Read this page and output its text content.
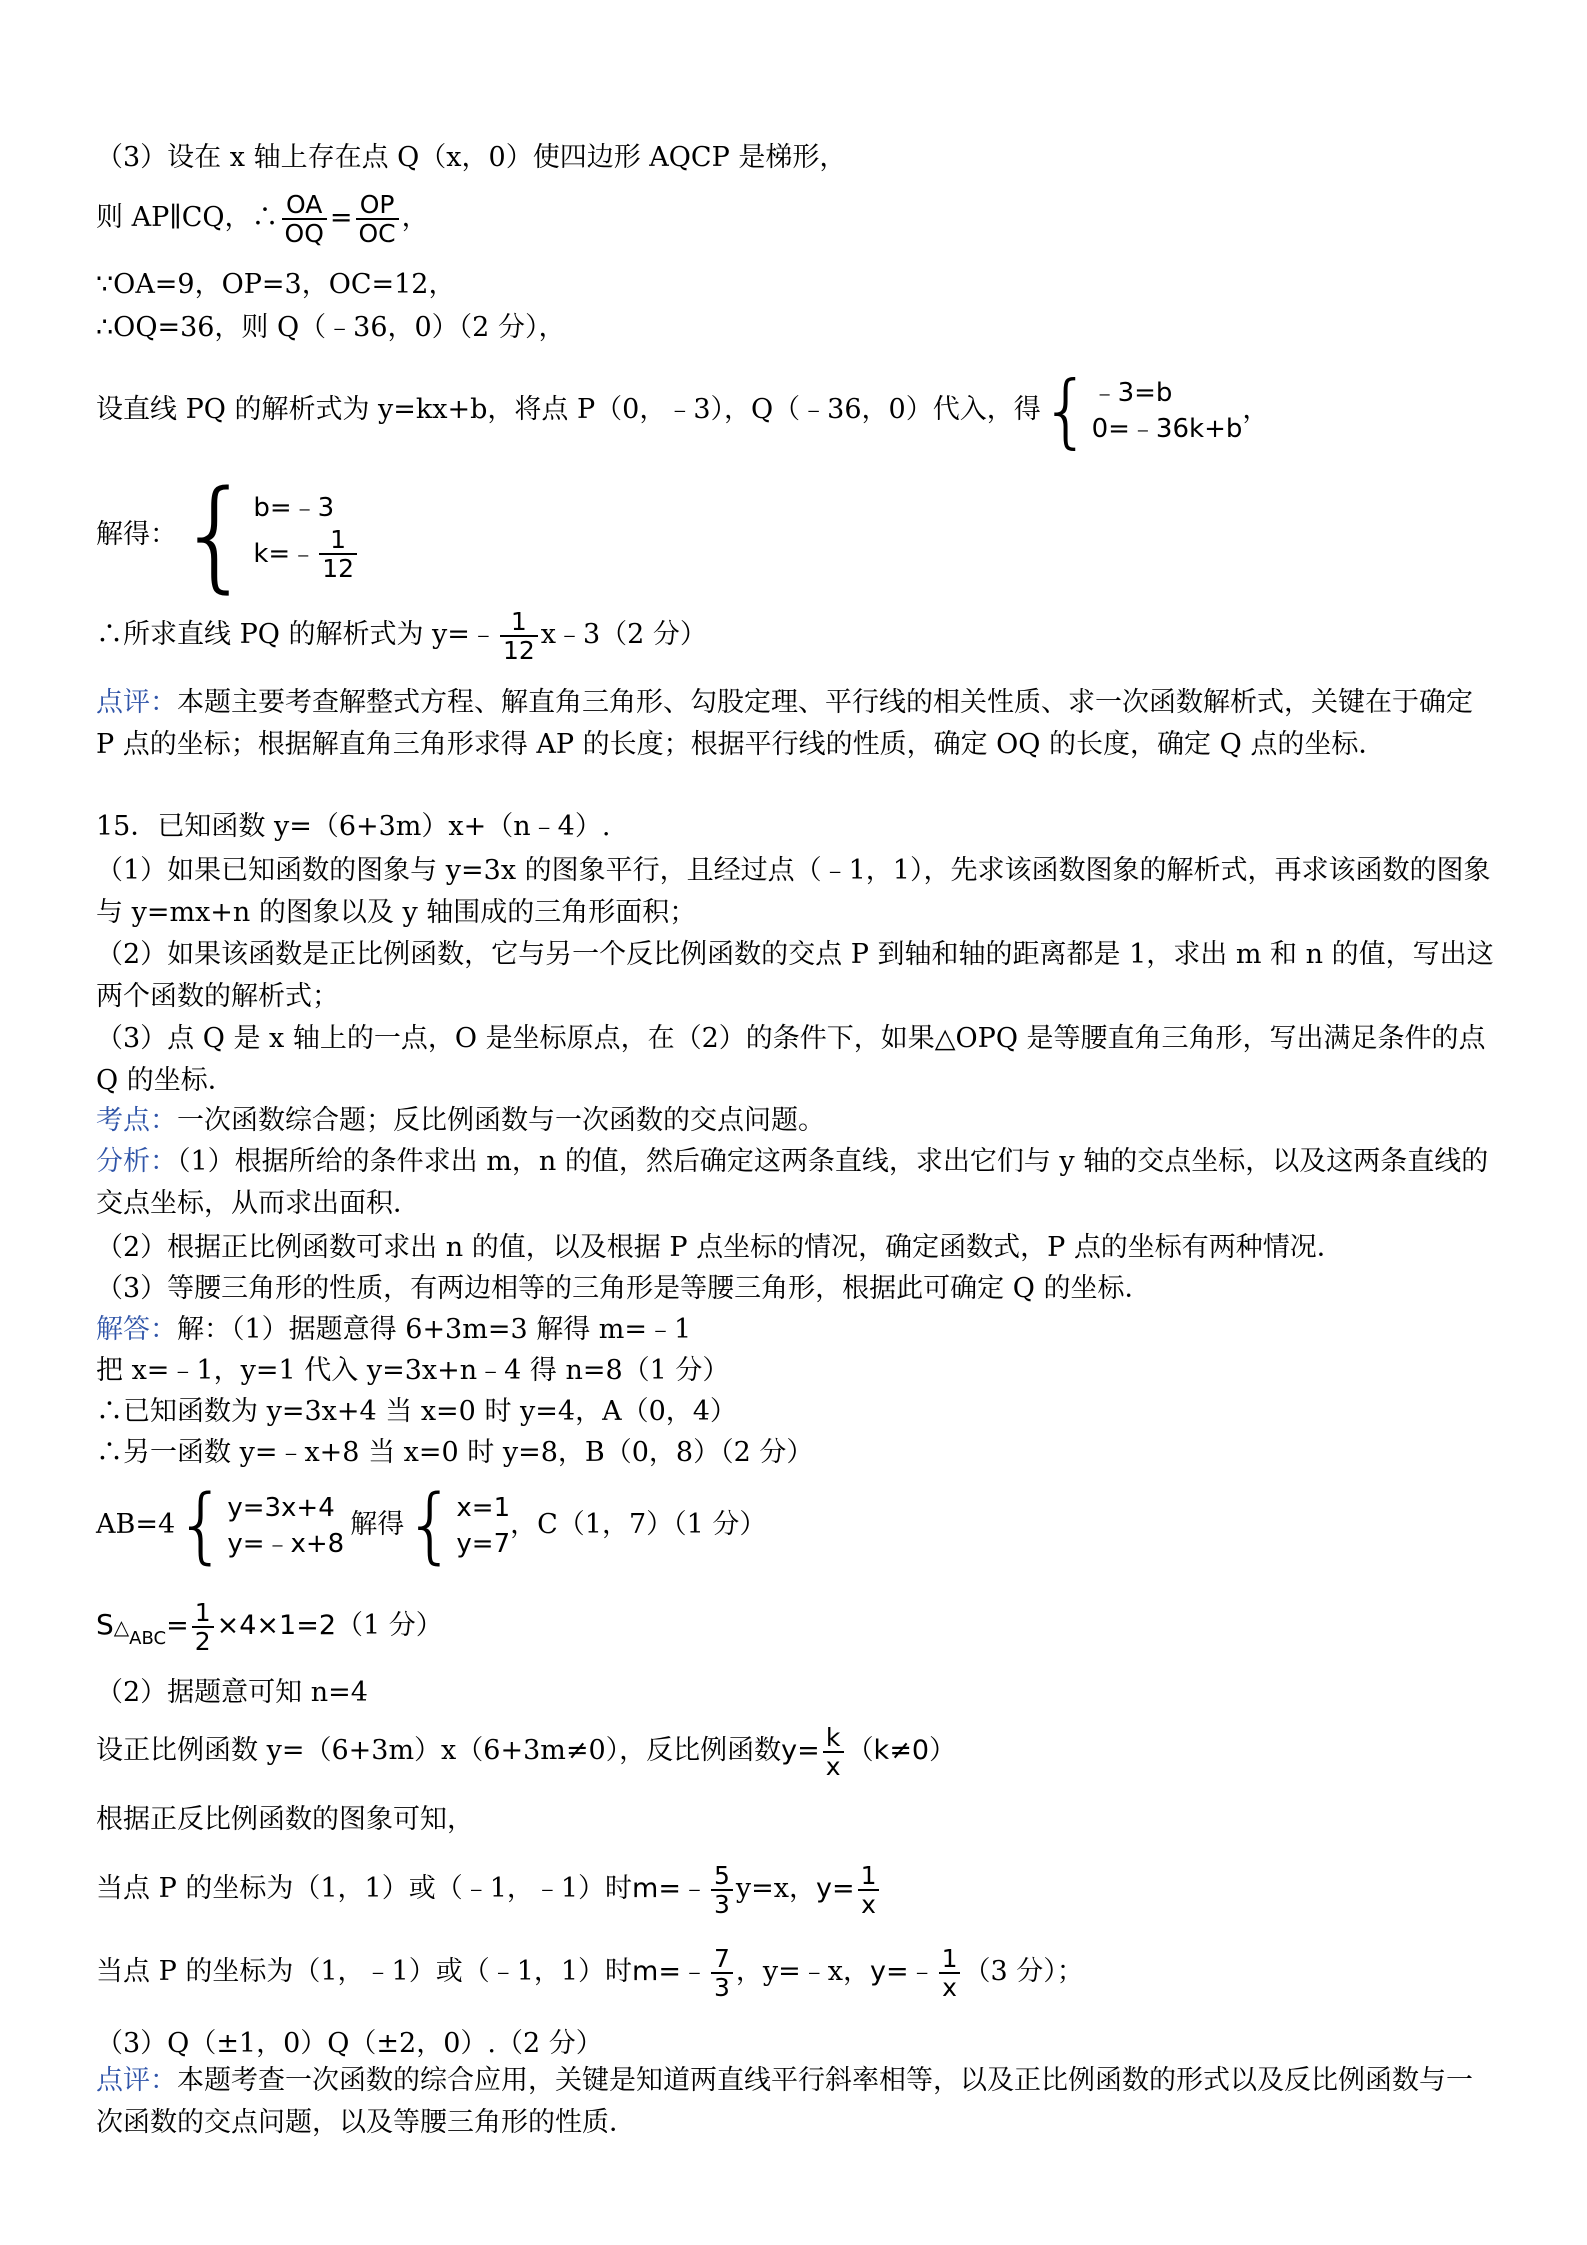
（3）设在 x 轴上存在点 Q（x，0）使四边形 AQCP 是梯形，
则 AP∥CQ，∴ $\frac{OA}{OQ} = \frac{OP}{OC}$ ，
∵OA=9，OP=3，OC=12，
∴OQ=36，则 Q（﹣36，0）（2 分），
设直线 PQ 的解析式为 y=kx+b，将点 P（0，﹣3），Q（﹣36，0）代入，得 { ﹣3=b
0=﹣36k+b
，
解得： { b=﹣3
k=﹣ $\frac{1}{12}$
∴所求直线 PQ 的解析式为 y=﹣ $\frac{1}{12}$ x﹣3（2 分）
点评：本题主要考查解整式方程、解直角三角形、勾股定理、平行线的相关性质、求一次函数解析式，关键在于确定 P 点的坐标；根据解直角三角形求得 AP 的长度；根据平行线的性质，确定 OQ 的长度，确定 Q 点的坐标．
15．已知函数 y=（6+3m）x+（n﹣4）.
（1）如果已知函数的图象与 y=3x 的图象平行，且经过点（﹣1，1），先求该函数图象的解析式，再求该函数的图象与 y=mx+n 的图象以及 y 轴围成的三角形面积；
（2）如果该函数是正比例函数，它与另一个反比例函数的交点 P 到轴和轴的距离都是 1，求出 m 和 n 的值，写出这两个函数的解析式；
（3）点 Q 是 x 轴上的一点，O 是坐标原点，在（2）的条件下，如果△OPQ 是等腰直角三角形，写出满足条件的点 Q 的坐标．
考点：一次函数综合题；反比例函数与一次函数的交点问题。
分析：（1）根据所给的条件求出 m，n 的值，然后确定这两条直线，求出它们与 y 轴的交点坐标，以及这两条直线的交点坐标，从而求出面积．
（2）根据正比例函数可求出 n 的值，以及根据 P 点坐标的情况，确定函数式，P 点的坐标有两种情况．
（3）等腰三角形的性质，有两边相等的三角形是等腰三角形，根据此可确定 Q 的坐标．
解答：解：（1）据题意得 6+3m=3 解得 m=﹣1
把 x=﹣1，y=1 代入 y=3x+n﹣4 得 n=8（1 分）
∴已知函数为 y=3x+4 当 x=0 时 y=4，A（0，4）
∴另一函数 y=﹣x+8 当 x=0 时 y=8，B（0，8）（2 分）
AB=4 { y=3x+4
y=﹣x+8
解得 { x=1
y=7
，C（1，7）（1 分）
$S\triangle_{ABC}= \frac{1}{2} \times 4\times 1=2(1$ 分）
（2）据题意可知 n=4
设正比例函数 y=（6+3m）x（6+3m≠0），反比例函数$y= \frac{k}{x} (k\ne 0)$
根据正反比例函数的图象可知，
当点 P 的坐标为（1，1）或（﹣1，﹣1）时m=﹣ $\frac{5}{3} y=x$，$y= \frac{1}{x}$
当点 P 的坐标为（1，﹣1）或（﹣1，1）时m=﹣ $\frac{7}{3}$ ，y=﹣x，y=﹣ $\frac{1}{x} (3$ 分）；
（3）Q（±1，0）Q（±2，0）.（2 分）
点评：本题考查一次函数的综合应用，关键是知道两直线平行斜率相等，以及正比例函数的形式以及反比例函数与一次函数的交点问题，以及等腰三角形的性质．
